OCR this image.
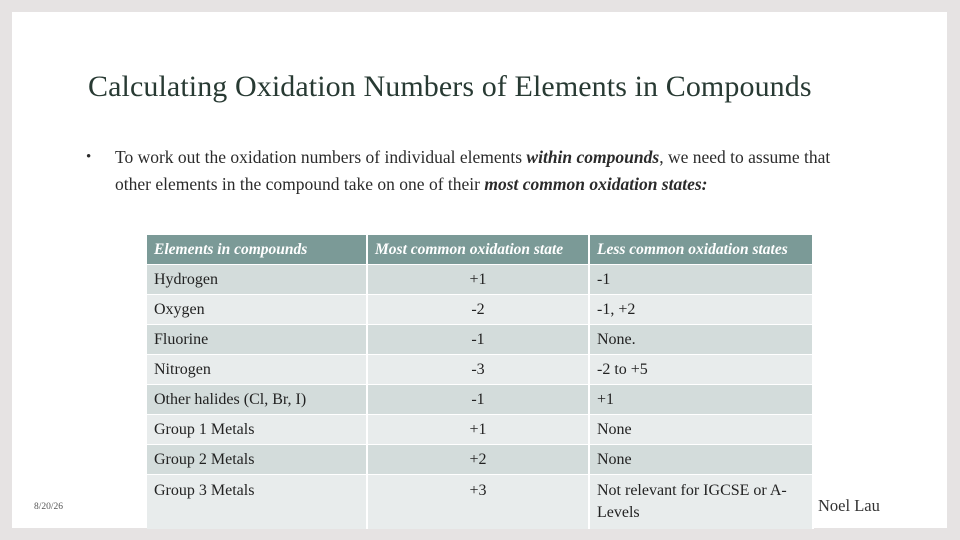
Calculating Oxidation Numbers of Elements in Compounds
• To work out the oxidation numbers of individual elements within compounds, we need to assume that other elements in the compound take on one of their most common oxidation states:
Elements in compounds	Most common oxidation state	Less common oxidation states
Hydrogen	+1	-1
Oxygen	-2	-1, +2
Fluorine	-1	None.
Nitrogen	-3	-2 to +5
Other halides (Cl, Br, I)	-1	+1
Group 1 Metals	+1	None
Group 2 Metals	+2	None
Group 3 Metals	+3	Not relevant for IGCSE or A-Levels
8/20/26	Noel Lau
